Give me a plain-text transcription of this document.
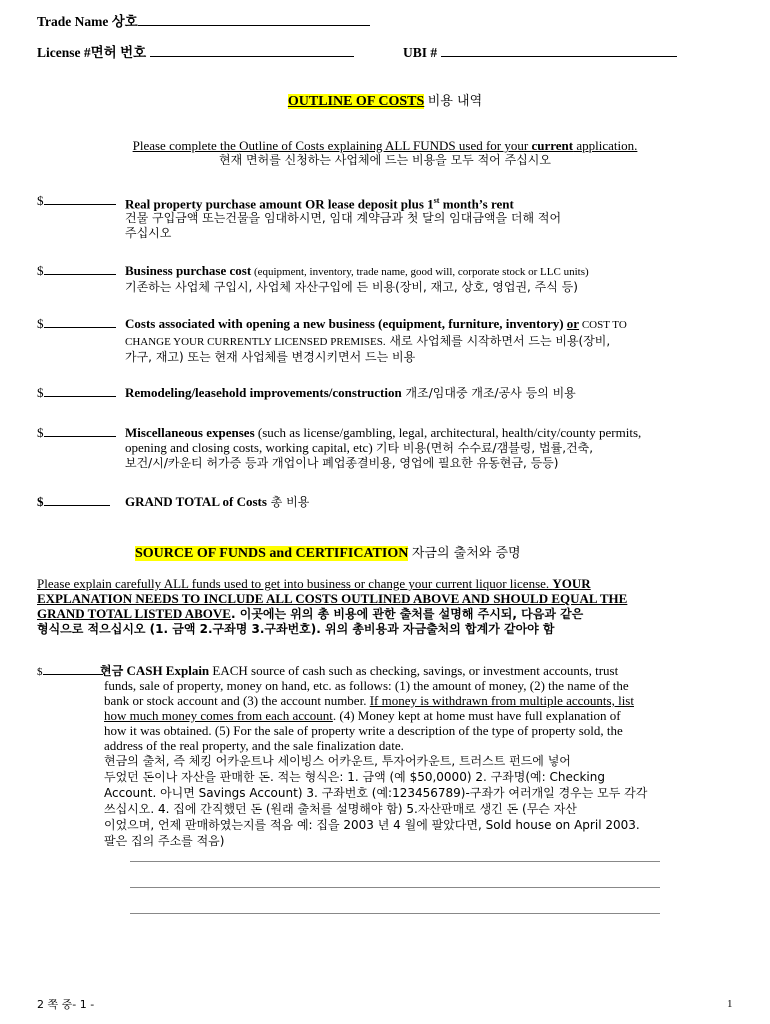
Trade Name 상호
License #면허 번호	UBI #
OUTLINE OF COSTS 비용 내역
Please complete the Outline of Costs explaining ALL FUNDS used for your current application.
현재 면허를 신청하는 사업체에 드는 비용을 모두 적어 주십시오
$	Real property purchase amount OR lease deposit plus 1st month’s rent
건물 구입금액 또는건물을 임대하시면, 임대 계약금과 첫 달의 임대금액을 더해 적어
주십시오
$	Business purchase cost (equipment, inventory, trade name, good will, corporate stock or LLC units)
기존하는 사업체 구입시, 사업체 자산구입에 든 비용(장비, 재고, 상호, 영업권, 주식 등)
$	Costs associated with opening a new business (equipment, furniture, inventory) or COST TO
CHANGE YOUR CURRENTLY LICENSED PREMISES. 새로 사업체를 시작하면서 드는 비용(장비,
가구, 재고) 또는 현재 사업체를 변경시키면서 드는 비용
$	Remodeling/leasehold improvements/construction 개조/임대중 개조/공사 등의 비용
$	Miscellaneous expenses (such as license/gambling, legal, architectural, health/city/county permits,
opening and closing costs, working capital, etc) 기타 비용(면허 수수료/갬블링, 법률,건축,
보건/시/카운티 허가증 등과 개업이나 폐업종결비용, 영업에 필요한 유동현금, 등등)
$	GRAND TOTAL of Costs 총 비용
SOURCE OF FUNDS and CERTIFICATION 자금의 출처와 증명
Please explain carefully ALL funds used to get into business or change your current liquor license. YOUR
EXPLANATION NEEDS TO INCLUDE ALL COSTS OUTLINED ABOVE AND SHOULD EQUAL THE
GRAND TOTAL LISTED ABOVE. 이곳에는 위의 총 비용에 관한 출처를 설명해 주시되, 다음과 같은
형식으로 적으십시오 (1. 금액 2.구좌명 3.구좌번호). 위의 총비용과 자금출처의 합계가 같아야 함
$	현금 CASH Explain EACH source of cash such as checking, savings, or investment accounts, trust
funds, sale of property, money on hand, etc. as follows: (1) the amount of money, (2) the name of the
bank or stock account and (3) the account number. If money is withdrawn from multiple accounts, list
how much money comes from each account. (4) Money kept at home must have full explanation of
how it was obtained. (5) For the sale of property write a description of the type of property sold, the
address of the real property, and the sale finalization date.
현금의 출처, 즉 체킹 어카운트나 세이빙스 어카운트, 투자어카운트, 트러스트 펀드에 넣어
두었던 돈이나 자산을 판매한 돈. 적는 형식은: 1. 금액 (예 $50,0000) 2. 구좌명(예: Checking
Account. 아니면 Savings Account) 3. 구좌번호 (예:123456789)-구좌가 여러개일 경우는 모두 각각
쓰십시오. 4. 집에 간직했던 돈 (원래 출처를 설명해야 함) 5.자산판매로 생긴 돈 (무슨 자산
이었으며, 언제 판매하였는지를 적음 예: 집을 2003 년 4 월에 팔았다면, Sold house on April 2003.
팔은 집의 주소를 적음)
2 쪽 중- 1 -	1
